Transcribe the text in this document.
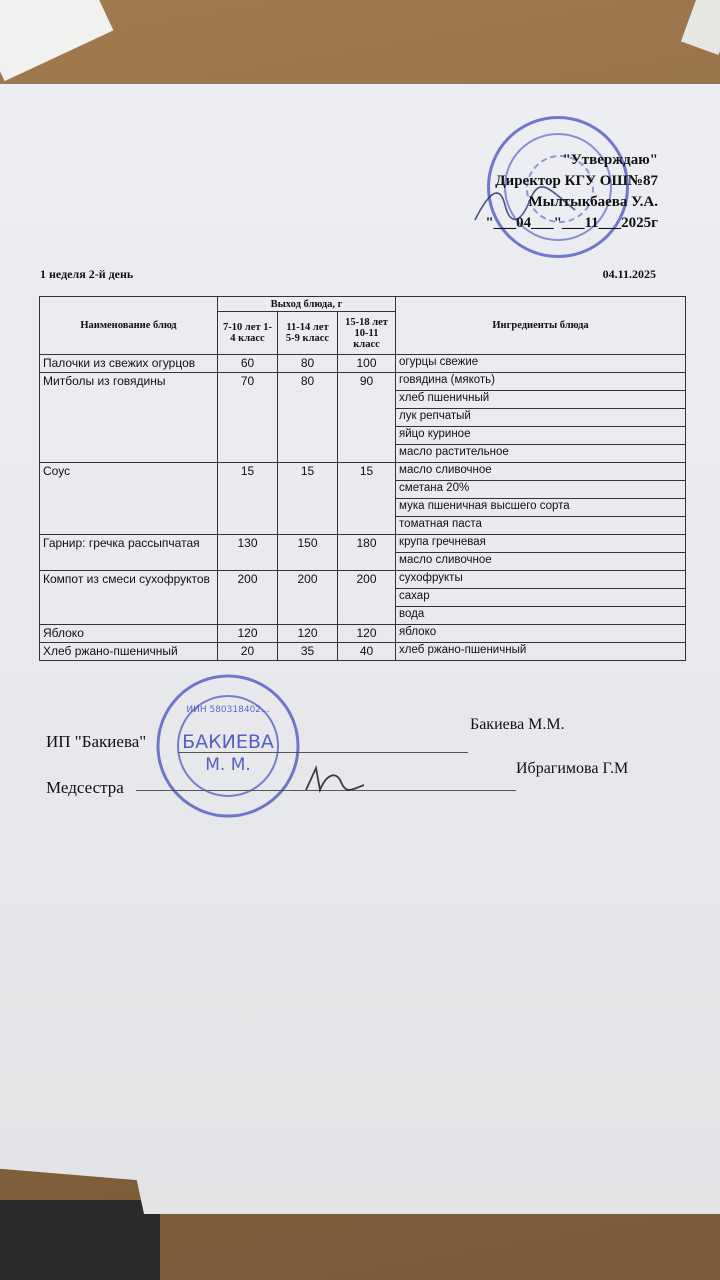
"Утверждаю"
Директор КГУ ОШ№87
Мылтыкбаева У.А.
"___04___"___11___2025г
1 неделя 2-й день	04.11.2025
Наименование блюд	Выход блюда, г			Ингредиенты блюда
	7-10 лет 1-4 класс	11-14 лет 5-9 класс	15-18 лет 10-11 класс	
Палочки из свежих огурцов	60	80	100	огурцы свежие
Митболы из говядины	70	80	90	говядина (мякоть)
				хлеб пшеничный
				лук репчатый
				яйцо куриное
				масло растительное
Соус	15	15	15	масло сливочное
				сметана 20%
				мука пшеничная высшего сорта
				томатная паста
Гарнир: гречка рассыпчатая	130	150	180	крупа гречневая
				масло сливочное
Компот из смеси сухофруктов	200	200	200	сухофрукты
				сахар
				вода
Яблоко	120	120	120	яблоко
Хлеб ржано-пшеничный	20	35	40	хлеб ржано-пшеничный
ИИН 580318402...
БАКИЕВА
М. М.
ИП "Бакиева"
Бакиева М.М.
Медсестра
Ибрагимова Г.М
